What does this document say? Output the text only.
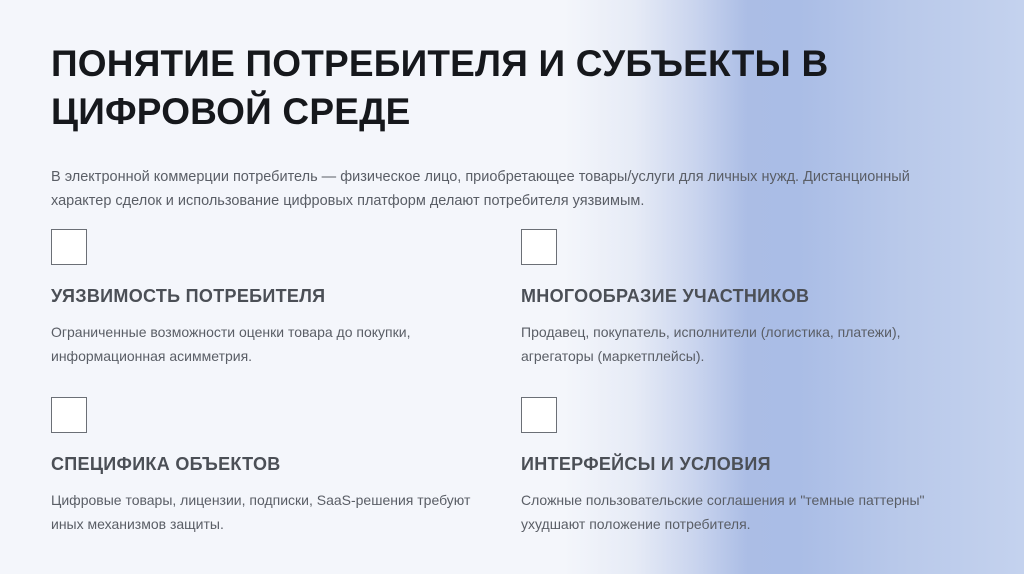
ПОНЯТИЕ ПОТРЕБИТЕЛЯ И СУБЪЕКТЫ В ЦИФРОВОЙ СРЕДЕ

В электронной коммерции потребитель — физическое лицо, приобретающее товары/услуги для личных нужд. Дистанционный характер сделок и использование цифровых платформ делают потребителя уязвимым.

УЯЗВИМОСТЬ ПОТРЕБИТЕЛЯ

Ограниченные возможности оценки товара до покупки, информационная асимметрия.

МНОГООБРАЗИЕ УЧАСТНИКОВ

Продавец, покупатель, исполнители (логистика, платежи), агрегаторы (маркетплейсы).

СПЕЦИФИКА ОБЪЕКТОВ

Цифровые товары, лицензии, подписки, SaaS-решения требуют иных механизмов защиты.

ИНТЕРФЕЙСЫ И УСЛОВИЯ

Сложные пользовательские соглашения и "темные паттерны" ухудшают положение потребителя.
